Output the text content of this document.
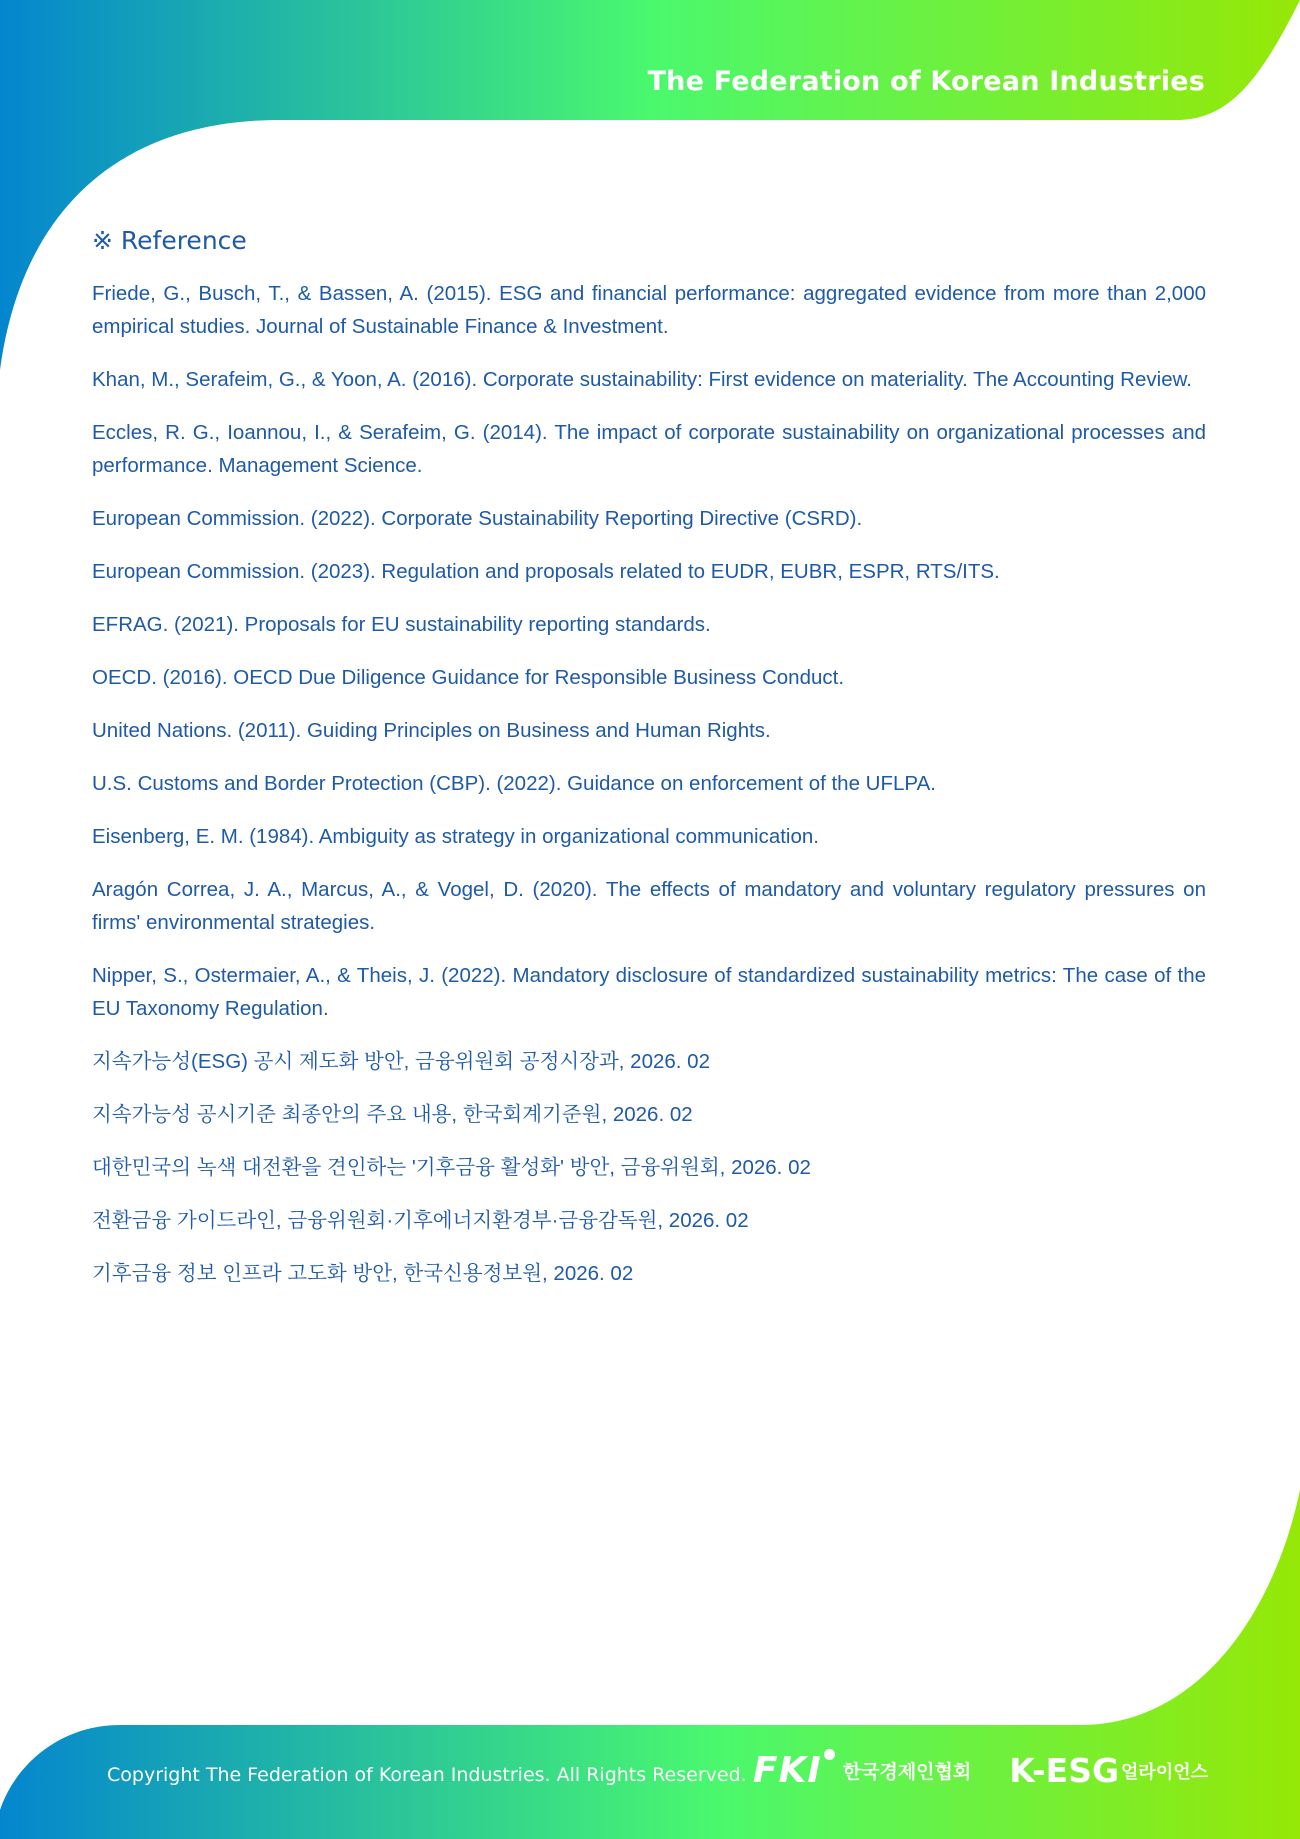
The Federation of Korean Industries
※ Reference
Friede, G., Busch, T., & Bassen, A. (2015). ESG and financial performance: aggregated evidence from more than 2,000 empirical studies. Journal of Sustainable Finance & Investment.
Khan, M., Serafeim, G., & Yoon, A. (2016). Corporate sustainability: First evidence on materiality. The Accounting Review.
Eccles, R. G., Ioannou, I., & Serafeim, G. (2014). The impact of corporate sustainability on organizational processes and performance. Management Science.
European Commission. (2022). Corporate Sustainability Reporting Directive (CSRD).
European Commission. (2023). Regulation and proposals related to EUDR, EUBR, ESPR, RTS/ITS.
EFRAG. (2021). Proposals for EU sustainability reporting standards.
OECD. (2016). OECD Due Diligence Guidance for Responsible Business Conduct.
United Nations. (2011). Guiding Principles on Business and Human Rights.
U.S. Customs and Border Protection (CBP). (2022). Guidance on enforcement of the UFLPA.
Eisenberg, E. M. (1984). Ambiguity as strategy in organizational communication.
Aragón Correa, J. A., Marcus, A., & Vogel, D. (2020). The effects of mandatory and voluntary regulatory pressures on firms' environmental strategies.
Nipper, S., Ostermaier, A., & Theis, J. (2022). Mandatory disclosure of standardized sustainability metrics: The case of the EU Taxonomy Regulation.
지속가능성(ESG) 공시 제도화 방안, 금융위원회 공정시장과, 2026. 02
지속가능성 공시기준 최종안의 주요 내용, 한국회계기준원, 2026. 02
대한민국의 녹색 대전환을 견인하는 '기후금융 활성화' 방안, 금융위원회, 2026. 02
전환금융 가이드라인, 금융위원회·기후에너지환경부·금융감독원, 2026. 02
기후금융 정보 인프라 고도화 방안, 한국신용정보원, 2026. 02

Copyright The Federation of Korean Industries. All Rights Reserved. FKI 한국경제인협회 K-ESG 얼라이언스
